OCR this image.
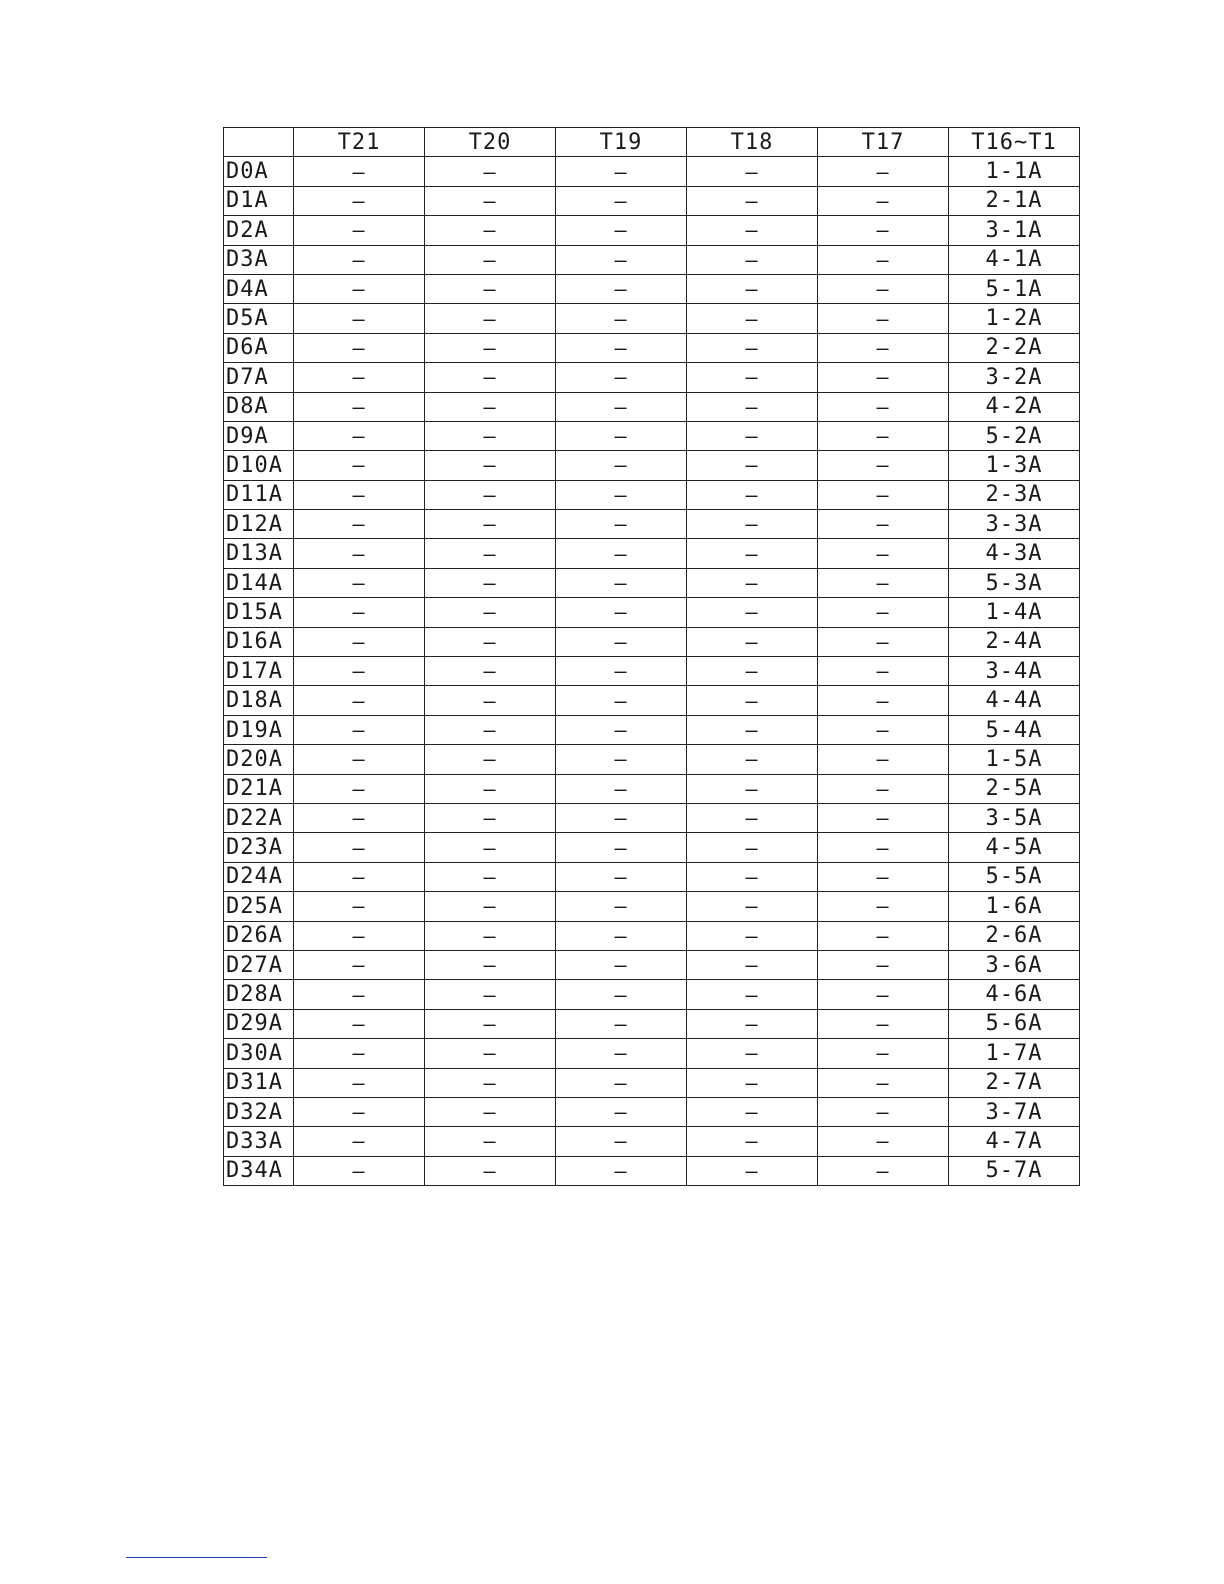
	T21	T20	T19	T18	T17	T16~T1
D0A	–	–	–	–	–	1-1A
D1A	–	–	–	–	–	2-1A
D2A	–	–	–	–	–	3-1A
D3A	–	–	–	–	–	4-1A
D4A	–	–	–	–	–	5-1A
D5A	–	–	–	–	–	1-2A
D6A	–	–	–	–	–	2-2A
D7A	–	–	–	–	–	3-2A
D8A	–	–	–	–	–	4-2A
D9A	–	–	–	–	–	5-2A
D10A	–	–	–	–	–	1-3A
D11A	–	–	–	–	–	2-3A
D12A	–	–	–	–	–	3-3A
D13A	–	–	–	–	–	4-3A
D14A	–	–	–	–	–	5-3A
D15A	–	–	–	–	–	1-4A
D16A	–	–	–	–	–	2-4A
D17A	–	–	–	–	–	3-4A
D18A	–	–	–	–	–	4-4A
D19A	–	–	–	–	–	5-4A
D20A	–	–	–	–	–	1-5A
D21A	–	–	–	–	–	2-5A
D22A	–	–	–	–	–	3-5A
D23A	–	–	–	–	–	4-5A
D24A	–	–	–	–	–	5-5A
D25A	–	–	–	–	–	1-6A
D26A	–	–	–	–	–	2-6A
D27A	–	–	–	–	–	3-6A
D28A	–	–	–	–	–	4-6A
D29A	–	–	–	–	–	5-6A
D30A	–	–	–	–	–	1-7A
D31A	–	–	–	–	–	2-7A
D32A	–	–	–	–	–	3-7A
D33A	–	–	–	–	–	4-7A
D34A	–	–	–	–	–	5-7A
